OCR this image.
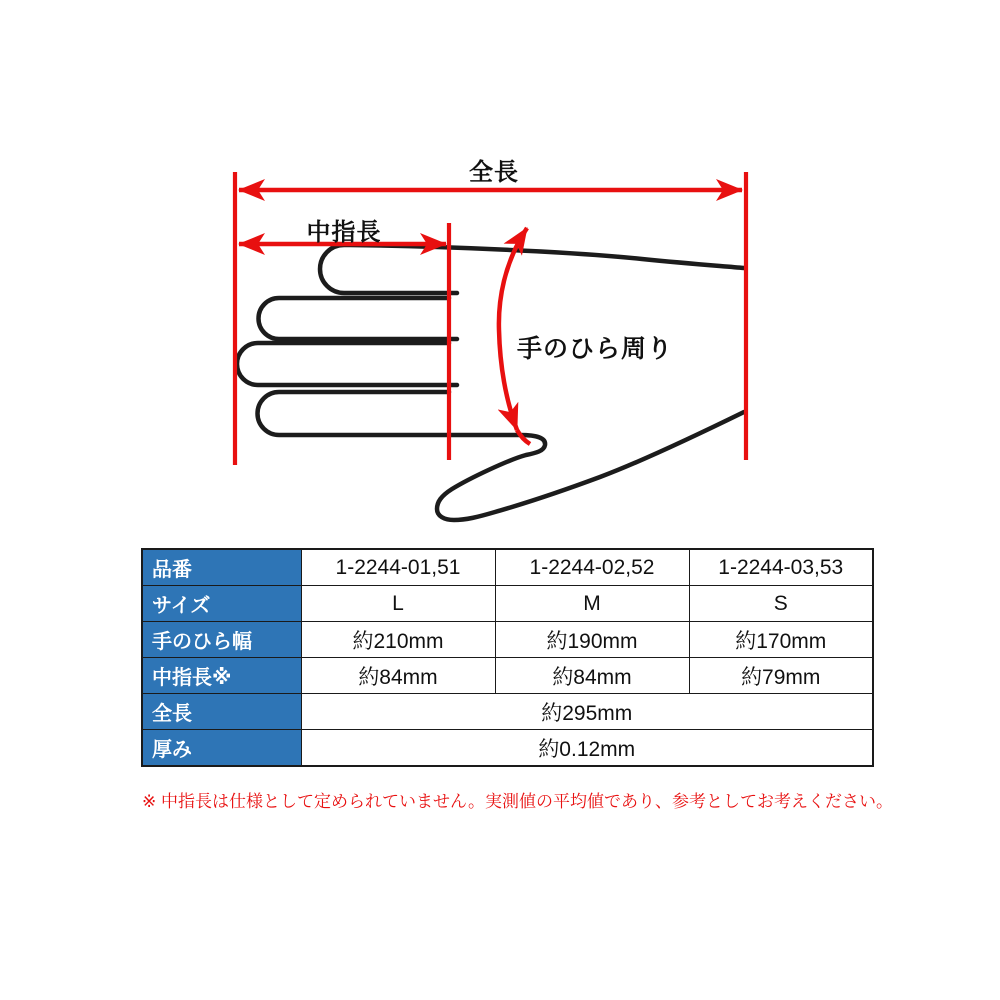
全長
中指長
手のひら周り
品番	1-2244-01,51	1-2244-02,52	1-2244-03,53
サイズ	L	M	S
手のひら幅	約210mm	約190mm	約170mm
中指長※	約84mm	約84mm	約79mm
全長	約295mm		
厚み	約0.12mm		
※ 中指長は仕様として定められていません。実測値の平均値であり、参考としてお考えください。
